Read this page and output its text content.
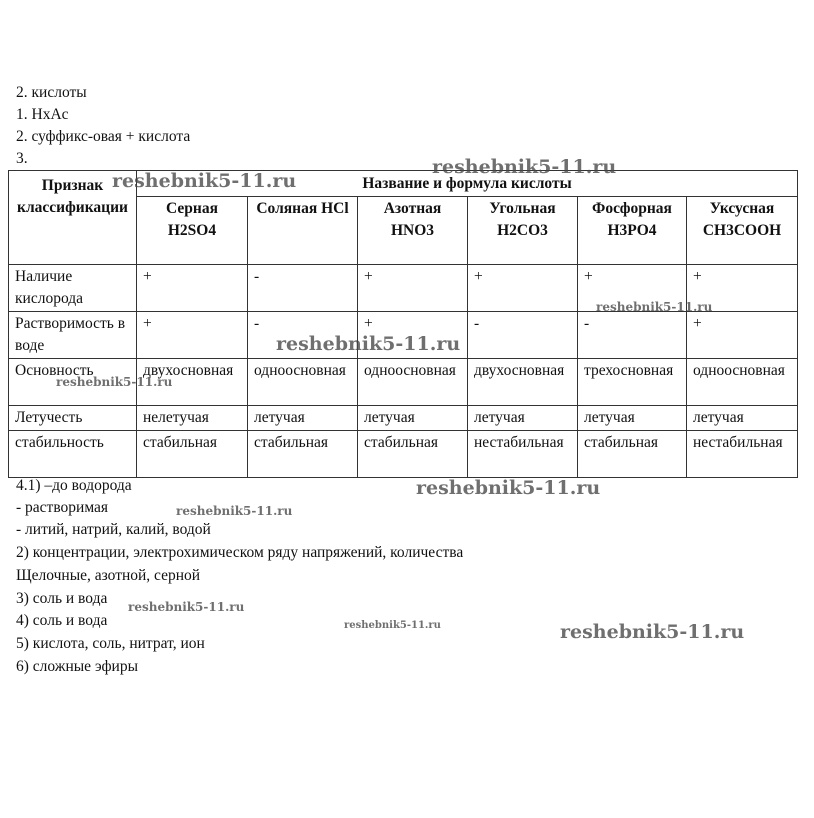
2. кислоты
1. HxAc
2. суффикс-овая + кислота
3.
Признак классификации	Название и формула кислоты					
	Серная H2SO4	Соляная HCl	Азотная HNO3	Угольная H2CO3	Фосфорная H3PO4	Уксусная CH3COOH
Наличие кислорода	+	-	+	+	+	+
Растворимость в воде	+	-	+	-	-	+
Основность	двухосновная	одноосновная	одноосновная	двухосновная	трехосновная	одноосновная
Летучесть	нелетучая	летучая	летучая	летучая	летучая	летучая
стабильность	стабильная	стабильная	стабильная	нестабильная	стабильная	нестабильная
4.1) –до водорода
- растворимая
- литий, натрий, калий, водой
2) концентрации, электрохимическом ряду напряжений, количества
Щелочные, азотной, серной
3) соль и вода
4) соль и вода
5) кислота, соль, нитрат, ион
6) сложные эфиры
reshebnik5-11.ru
reshebnik5-11.ru
reshebnik5-11.ru
reshebnik5-11.ru
reshebnik5-11.ru
reshebnik5-11.ru
reshebnik5-11.ru
reshebnik5-11.ru
reshebnik5-11.ru	reshebnik5-11.ru
